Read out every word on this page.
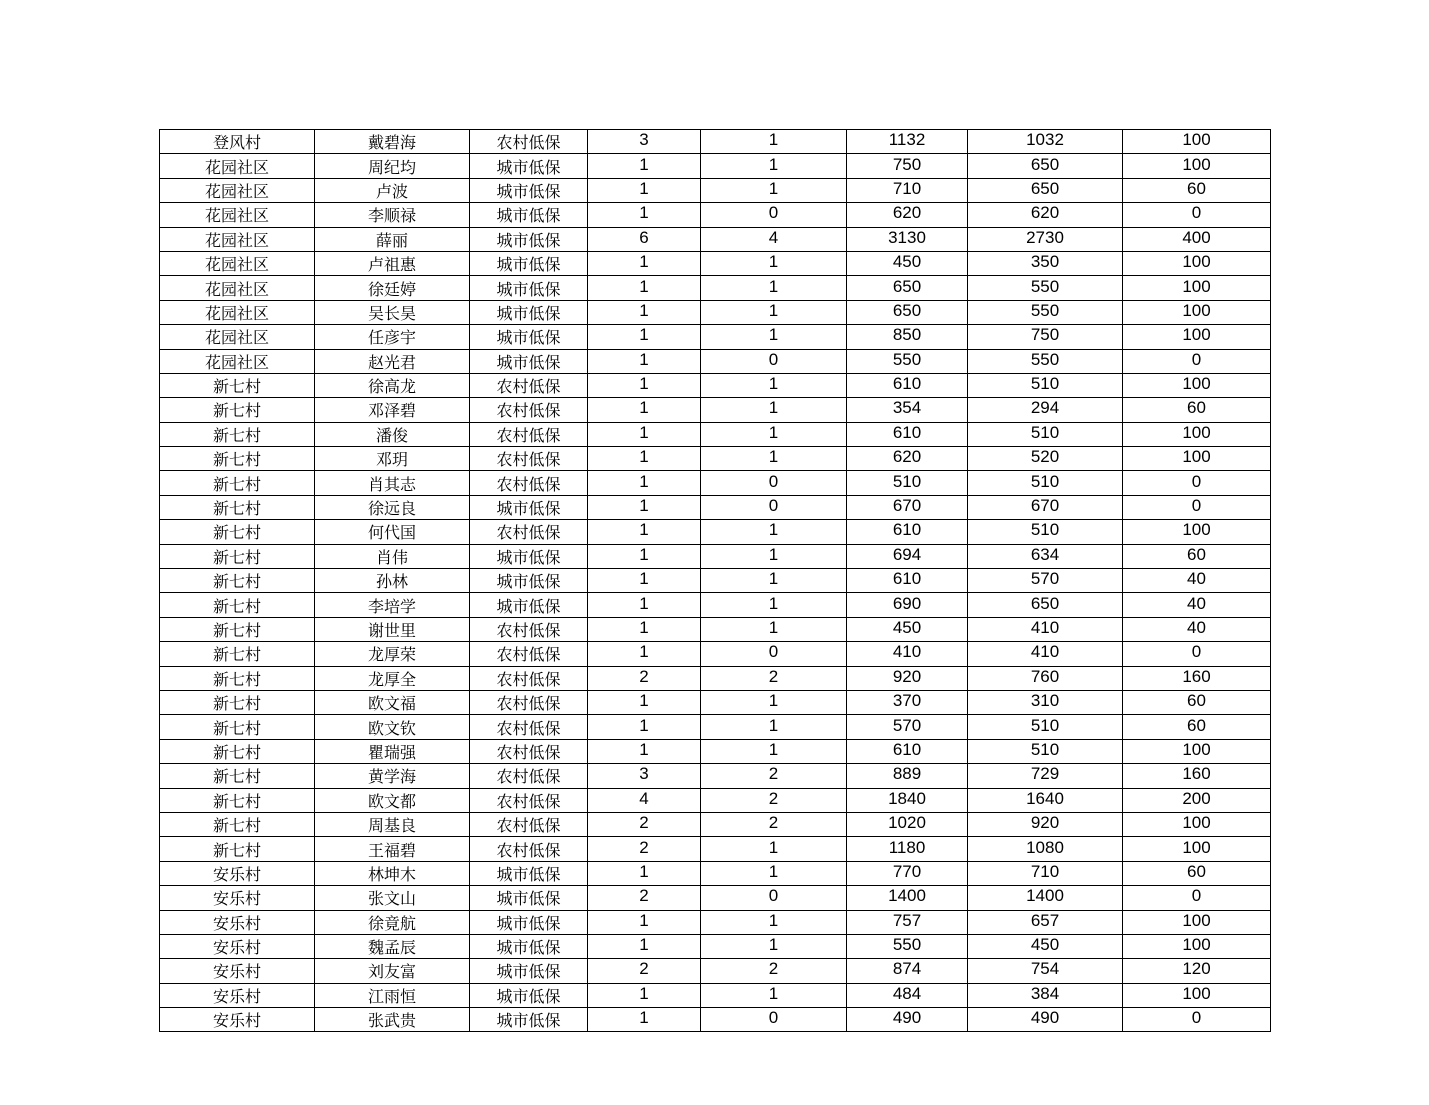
登风村	戴碧海	农村低保	3	1	1132	1032	100
花园社区	周纪均	城市低保	1	1	750	650	100
花园社区	卢波	城市低保	1	1	710	650	60
花园社区	李顺禄	城市低保	1	0	620	620	0
花园社区	薛丽	城市低保	6	4	3130	2730	400
花园社区	卢祖惠	城市低保	1	1	450	350	100
花园社区	徐廷婷	城市低保	1	1	650	550	100
花园社区	吴长昊	城市低保	1	1	650	550	100
花园社区	任彦宇	城市低保	1	1	850	750	100
花园社区	赵光君	城市低保	1	0	550	550	0
新七村	徐高龙	农村低保	1	1	610	510	100
新七村	邓泽碧	农村低保	1	1	354	294	60
新七村	潘俊	农村低保	1	1	610	510	100
新七村	邓玥	农村低保	1	1	620	520	100
新七村	肖其志	农村低保	1	0	510	510	0
新七村	徐远良	城市低保	1	0	670	670	0
新七村	何代国	农村低保	1	1	610	510	100
新七村	肖伟	城市低保	1	1	694	634	60
新七村	孙林	城市低保	1	1	610	570	40
新七村	李培学	城市低保	1	1	690	650	40
新七村	谢世里	农村低保	1	1	450	410	40
新七村	龙厚荣	农村低保	1	0	410	410	0
新七村	龙厚全	农村低保	2	2	920	760	160
新七村	欧文福	农村低保	1	1	370	310	60
新七村	欧文钦	农村低保	1	1	570	510	60
新七村	瞿瑞强	农村低保	1	1	610	510	100
新七村	黄学海	农村低保	3	2	889	729	160
新七村	欧文都	农村低保	4	2	1840	1640	200
新七村	周基良	农村低保	2	2	1020	920	100
新七村	王福碧	农村低保	2	1	1180	1080	100
安乐村	林坤木	城市低保	1	1	770	710	60
安乐村	张文山	城市低保	2	0	1400	1400	0
安乐村	徐竟航	城市低保	1	1	757	657	100
安乐村	魏孟辰	城市低保	1	1	550	450	100
安乐村	刘友富	城市低保	2	2	874	754	120
安乐村	江雨恒	城市低保	1	1	484	384	100
安乐村	张武贵	城市低保	1	0	490	490	0
